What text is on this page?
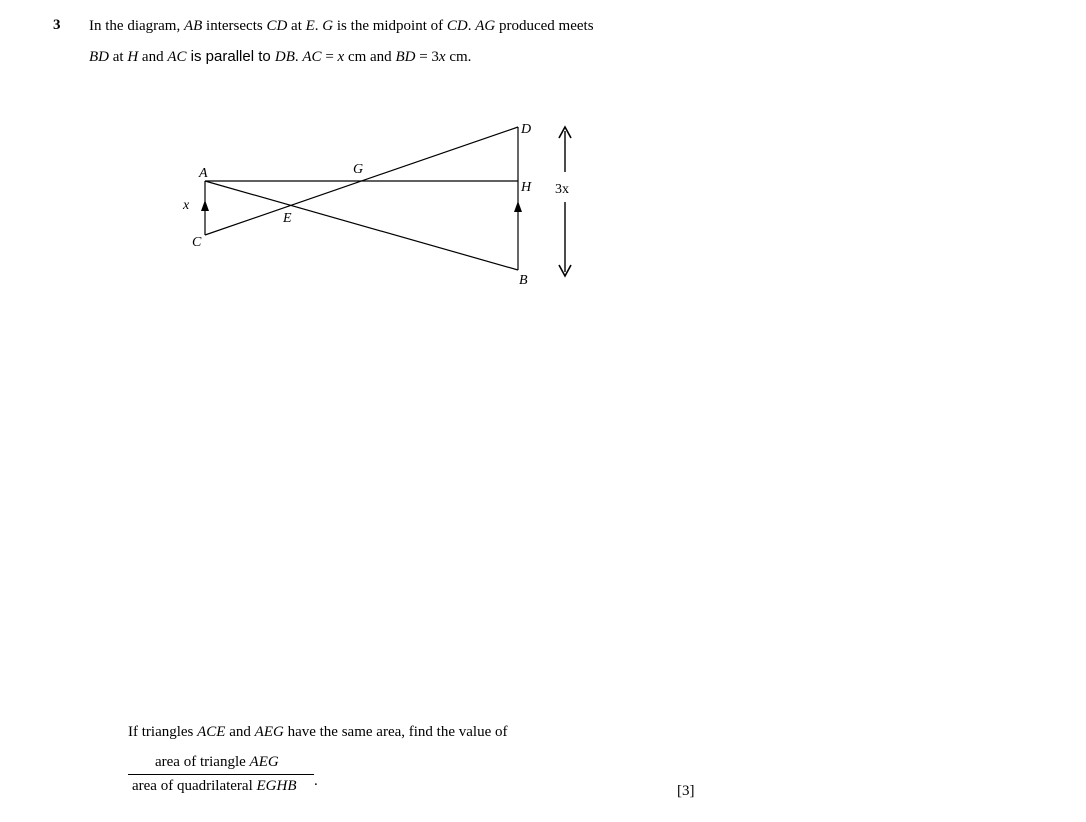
3 In the diagram, AB intersects CD at E. G is the midpoint of CD. AG produced meets
BD at H and AC is parallel to DB. AC = x cm and BD = 3x cm.
A
C
E
G
D
H
B
x
3x
If triangles ACE and AEG have the same area, find the value of
area of triangle AEG
area of quadrilateral EGHB .
[3]
